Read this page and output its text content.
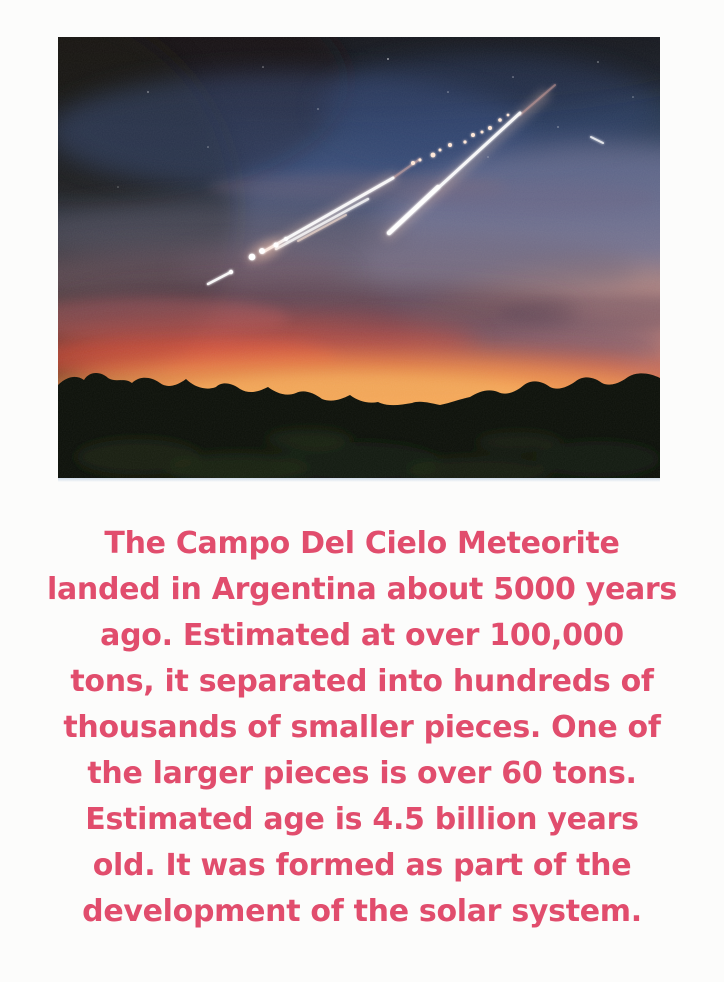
The Campo Del Cielo Meteorite
landed in Argentina about 5000 years
ago. Estimated at over 100,000
tons, it separated into hundreds of
thousands of smaller pieces. One of
the larger pieces is over 60 tons.
Estimated age is 4.5 billion years
old. It was formed as part of the
development of the solar system.
